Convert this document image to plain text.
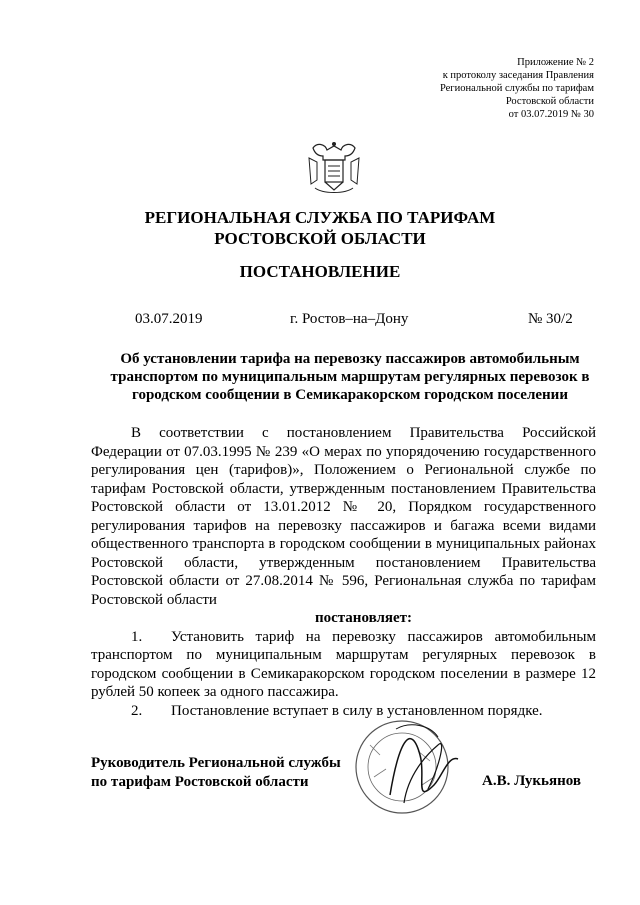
Приложение № 2
к протоколу заседания Правления
Региональной службы по тарифам
Ростовской области
от 03.07.2019 № 30
РЕГИОНАЛЬНАЯ СЛУЖБА ПО ТАРИФАМ
РОСТОВСКОЙ ОБЛАСТИ
ПОСТАНОВЛЕНИЕ
03.07.2019	г. Ростов–на–Дону	№ 30/2
Об установлении тарифа на перевозку пассажиров автомобильным
транспортом по муниципальным маршрутам регулярных перевозок в
городском сообщении в Семикаракорском городском поселении

В соответствии с постановлением Правительства Российской Федерации от 07.03.1995 № 239 «О мерах по упорядочению государственного регулирования цен (тарифов)», Положением о Региональной службе по тарифам Ростовской области, утвержденным постановлением Правительства Ростовской области от 13.01.2012 № 20, Порядком государственного регулирования тарифов на перевозку пассажиров и багажа всеми видами общественного транспорта в городском сообщении в муниципальных районах Ростовской области, утвержденным постановлением Правительства Ростовской области от 27.08.2014 № 596, Региональная служба по тарифам Ростовской области

постановляет:

1. Установить тариф на перевозку пассажиров автомобильным транспортом по муниципальным маршрутам регулярных перевозок в городском сообщении в Семикаракорском городском поселении в размере 12 рублей 50 копеек за одного пассажира.

2. Постановление вступает в силу в установленном порядке.

Руководитель Региональной службы
по тарифам Ростовской области	А.В. Лукьянов
